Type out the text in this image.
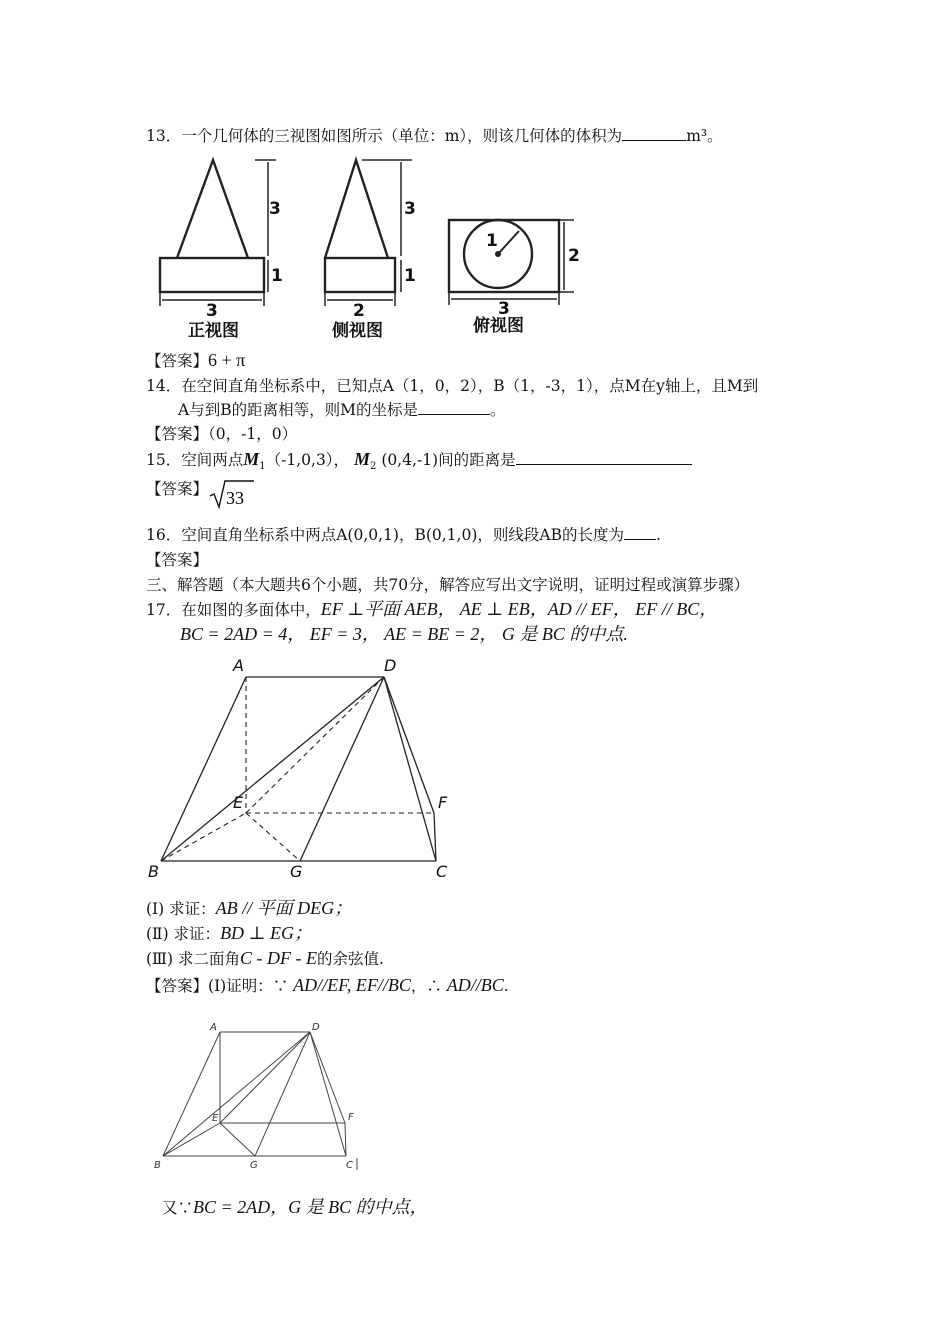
13．一个几何体的三视图如图所示（单位：m），则该几何体的体积为	m³。
3
1
3
3
1
2
1
2
3
正视图	侧视图	俯视图
【答案】6 + π
14．在空间直角坐标系中，已知点A（1，0，2），B（1，-3，1），点M在y轴上，且M到
A与到B的距离相等，则M的坐标是	。
【答案】（0，-1，0）
15．空间两点$M_1(-1,0,3)$， $M_2$ (0,4,-1)间的距离是
【答案】 33
16．空间直角坐标系中两点A(0,0,1)，B(0,1,0)，则线段AB的长度为 .
【答案】
三、解答题（本大题共6个小题，共70分，解答应写出文字说明，证明过程或演算步骤）
17．在如图的多面体中，EF ⊥平面 AEB， AE ⊥ EB，AD // EF， EF // BC，
BC = 2AD = 4， EF = 3， AE = BE = 2， G 是 BC 的中点.
A	D
E	F
B	G	C
(Ⅰ) 求证：AB // 平面 DEG；
(Ⅱ) 求证：BD ⊥ EG；
(Ⅲ) 求二面角C - DF - E的余弦值.
【答案】(Ⅰ)证明：∵ AD//EF, EF//BC，∴ AD//BC.
A	D
E	F
B	G	C
又∵BC = 2AD，G 是 BC 的中点，
